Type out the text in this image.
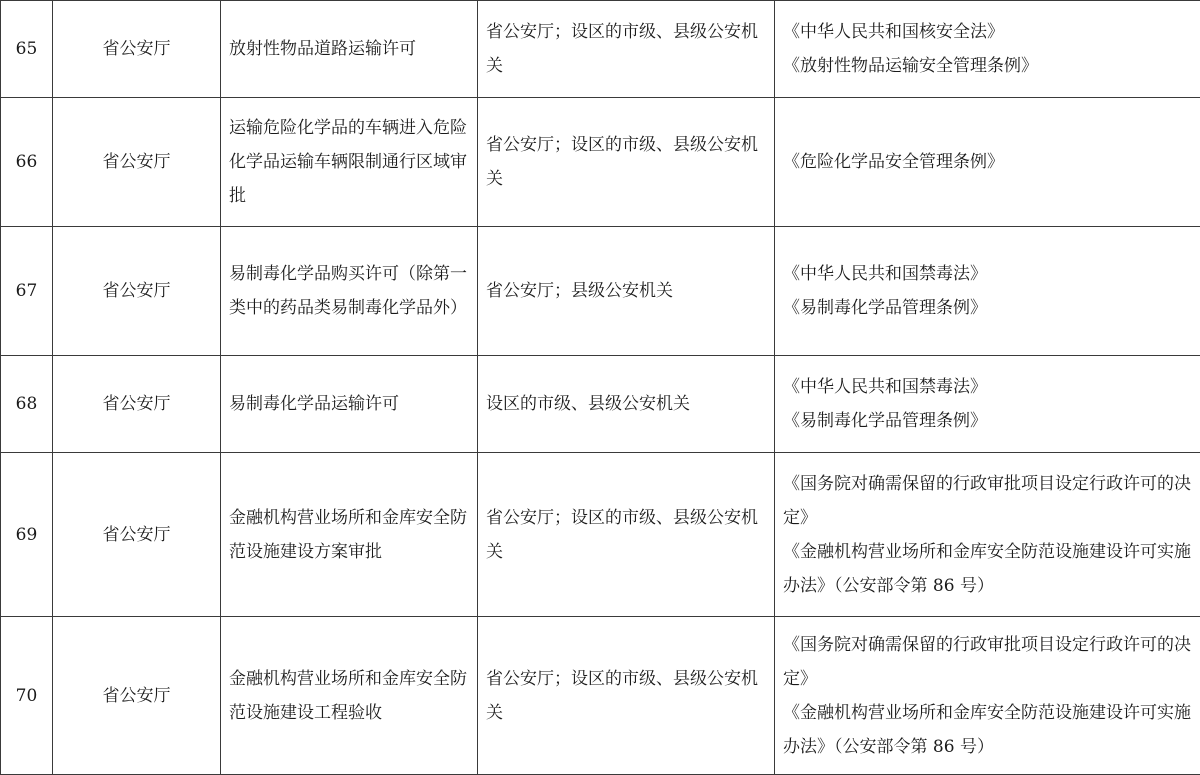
65	省公安厅	放射性物品道路运输许可	省公安厅；设区的市级、县级公安机关	《中华人民共和国核安全法》
《放射性物品运输安全管理条例》

66	省公安厅	运输危险化学品的车辆进入危险化学品运输车辆限制通行区域审批	省公安厅；设区的市级、县级公安机关	《危险化学品安全管理条例》

67	省公安厅	易制毒化学品购买许可（除第一类中的药品类易制毒化学品外）	省公安厅；县级公安机关	《中华人民共和国禁毒法》
《易制毒化学品管理条例》

68	省公安厅	易制毒化学品运输许可	设区的市级、县级公安机关	《中华人民共和国禁毒法》
《易制毒化学品管理条例》

69	省公安厅	金融机构营业场所和金库安全防范设施建设方案审批	省公安厅；设区的市级、县级公安机关	《国务院对确需保留的行政审批项目设定行政许可的决定》
《金融机构营业场所和金库安全防范设施建设许可实施办法》（公安部令第 86 号）

70	省公安厅	金融机构营业场所和金库安全防范设施建设工程验收	省公安厅；设区的市级、县级公安机关	《国务院对确需保留的行政审批项目设定行政许可的决定》
《金融机构营业场所和金库安全防范设施建设许可实施办法》（公安部令第 86 号）
